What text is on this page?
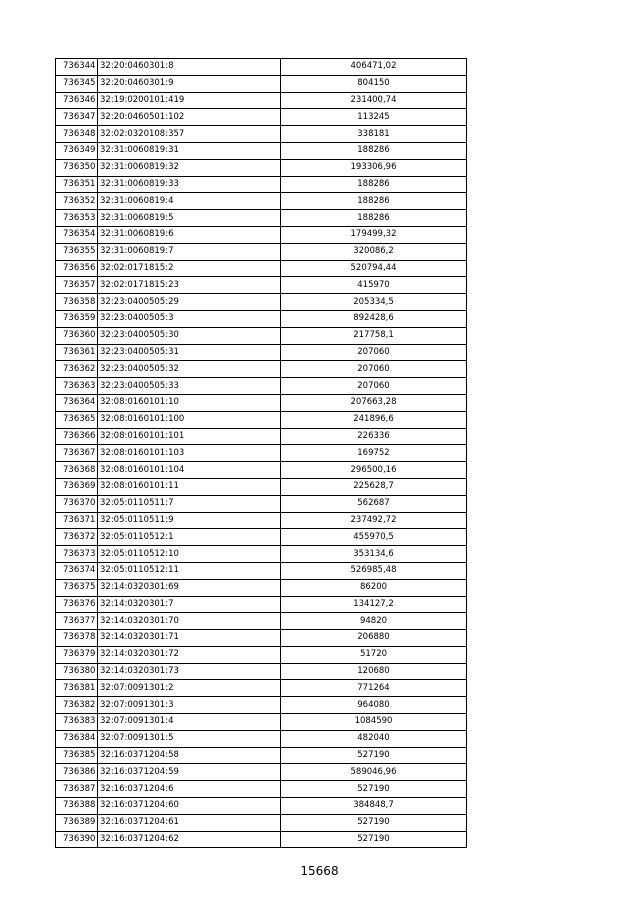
736344	32:20:0460301:8	406471,02
736345	32:20:0460301:9	804150
736346	32:19:0200101:419	231400,74
736347	32:20:0460501:102	113245
736348	32:02:0320108:357	338181
736349	32:31:0060819:31	188286
736350	32:31:0060819:32	193306,96
736351	32:31:0060819:33	188286
736352	32:31:0060819:4	188286
736353	32:31:0060819:5	188286
736354	32:31:0060819:6	179499,32
736355	32:31:0060819:7	320086,2
736356	32:02:0171815:2	520794,44
736357	32:02:0171815:23	415970
736358	32:23:0400505:29	205334,5
736359	32:23:0400505:3	892428,6
736360	32:23:0400505:30	217758,1
736361	32:23:0400505:31	207060
736362	32:23:0400505:32	207060
736363	32:23:0400505:33	207060
736364	32:08:0160101:10	207663,28
736365	32:08:0160101:100	241896,6
736366	32:08:0160101:101	226336
736367	32:08:0160101:103	169752
736368	32:08:0160101:104	296500,16
736369	32:08:0160101:11	225628,7
736370	32:05:0110511:7	562687
736371	32:05:0110511:9	237492,72
736372	32:05:0110512:1	455970,5
736373	32:05:0110512:10	353134,6
736374	32:05:0110512:11	526985,48
736375	32:14:0320301:69	86200
736376	32:14:0320301:7	134127,2
736377	32:14:0320301:70	94820
736378	32:14:0320301:71	206880
736379	32:14:0320301:72	51720
736380	32:14:0320301:73	120680
736381	32:07:0091301:2	771264
736382	32:07:0091301:3	964080
736383	32:07:0091301:4	1084590
736384	32:07:0091301:5	482040
736385	32:16:0371204:58	527190
736386	32:16:0371204:59	589046,96
736387	32:16:0371204:6	527190
736388	32:16:0371204:60	384848,7
736389	32:16:0371204:61	527190
736390	32:16:0371204:62	527190
15668
